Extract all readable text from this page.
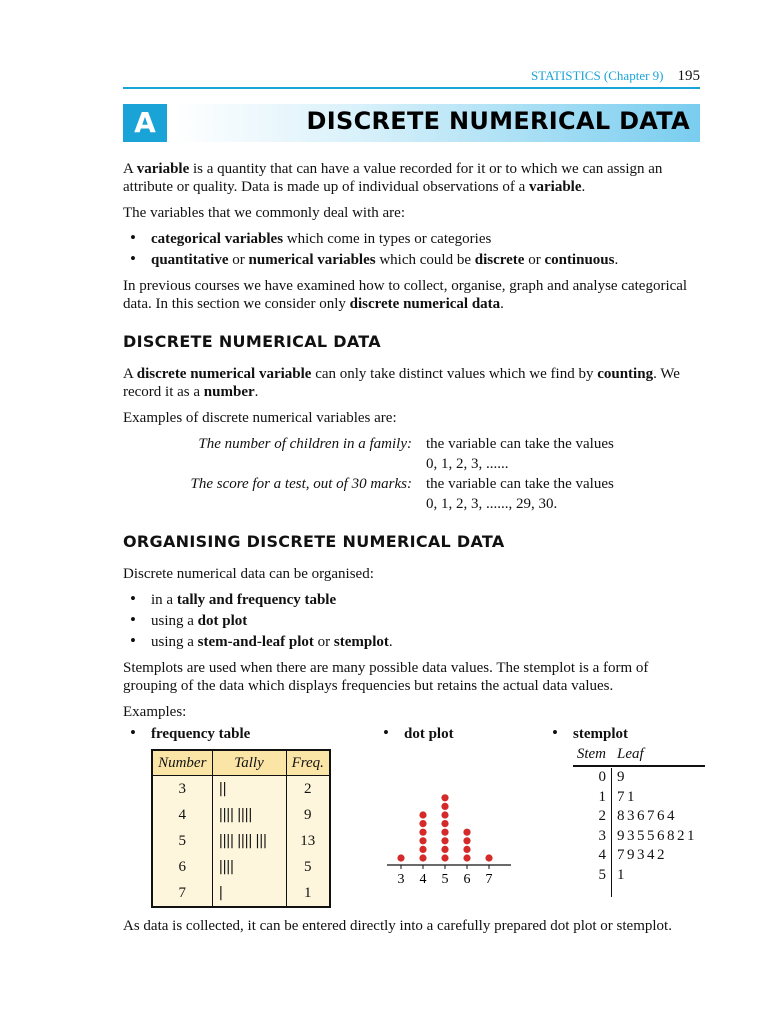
STATISTICS (Chapter 9) 195
A	DISCRETE NUMERICAL DATA

A variable is a quantity that can have a value recorded for it or to which we can assign an attribute or quality. Data is made up of individual observations of a variable.

The variables that we commonly deal with are:

• categorical variables which come in types or categories
• quantitative or numerical variables which could be discrete or continuous.

In previous courses we have examined how to collect, organise, graph and analyse categorical data. In this section we consider only discrete numerical data.

DISCRETE NUMERICAL DATA

A discrete numerical variable can only take distinct values which we find by counting. We record it as a number.

Examples of discrete numerical variables are:

The number of children in a family: the variable can take the values
0, 1, 2, 3, ......
The score for a test, out of 30 marks: the variable can take the values
0, 1, 2, 3, ......, 29, 30.
ORGANISING DISCRETE NUMERICAL DATA

Discrete numerical data can be organised:

• in a tally and frequency table
• using a dot plot
• using a stem-and-leaf plot or stemplot.

Stemplots are used when there are many possible data values. The stemplot is a form of grouping of the data which displays frequencies but retains the actual data values.

Examples:

• frequency table	• dot plot	• stemplot
Number	Tally	Freq.
3	||	2
4	|||| ||||	9
5	|||| |||| |||	13
6	||||	5
7	|	1
3 4 5 6 7
Stem Leaf
0 9
1 71
2 836764
3 93556821
4 79342
5 1

As data is collected, it can be entered directly into a carefully prepared dot plot or stemplot.
